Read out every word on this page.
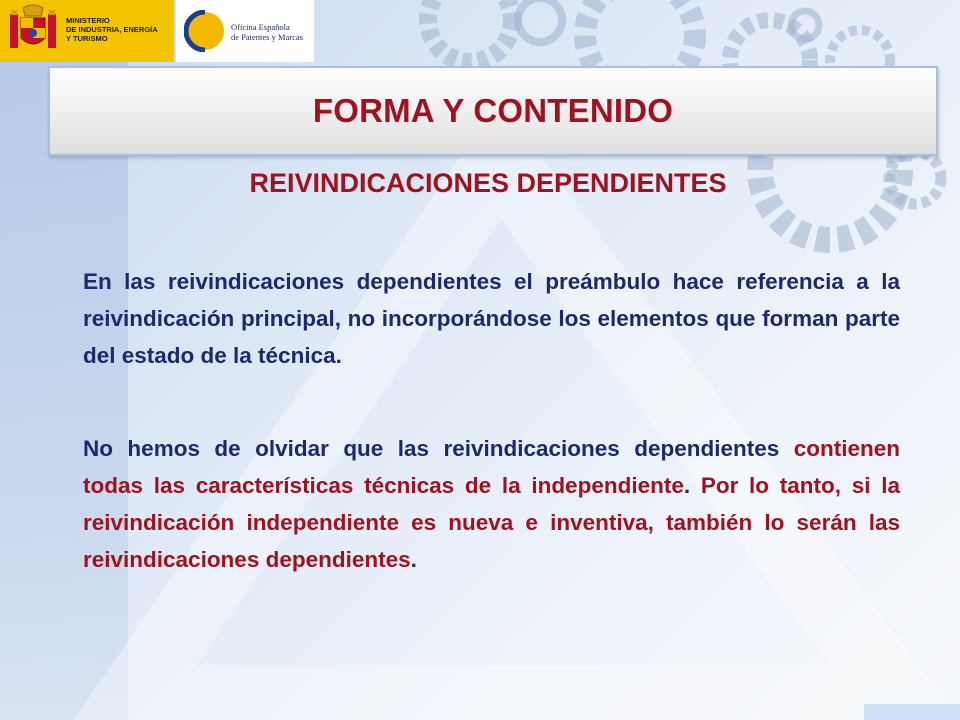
MINISTERIO
DE INDUSTRIA, ENERGÍA
Y TURISMO
Oficina Española
de Patentes y Marcas
FORMA Y CONTENIDO
REIVINDICACIONES DEPENDIENTES
En las reivindicaciones dependientes el preámbulo hace referencia a la reivindicación principal, no incorporándose los elementos que forman parte del estado de la técnica.
No hemos de olvidar que las reivindicaciones dependientes contienen todas las características técnicas de la independiente. Por lo tanto, si la reivindicación independiente es nueva e inventiva, también lo serán las reivindicaciones dependientes.
